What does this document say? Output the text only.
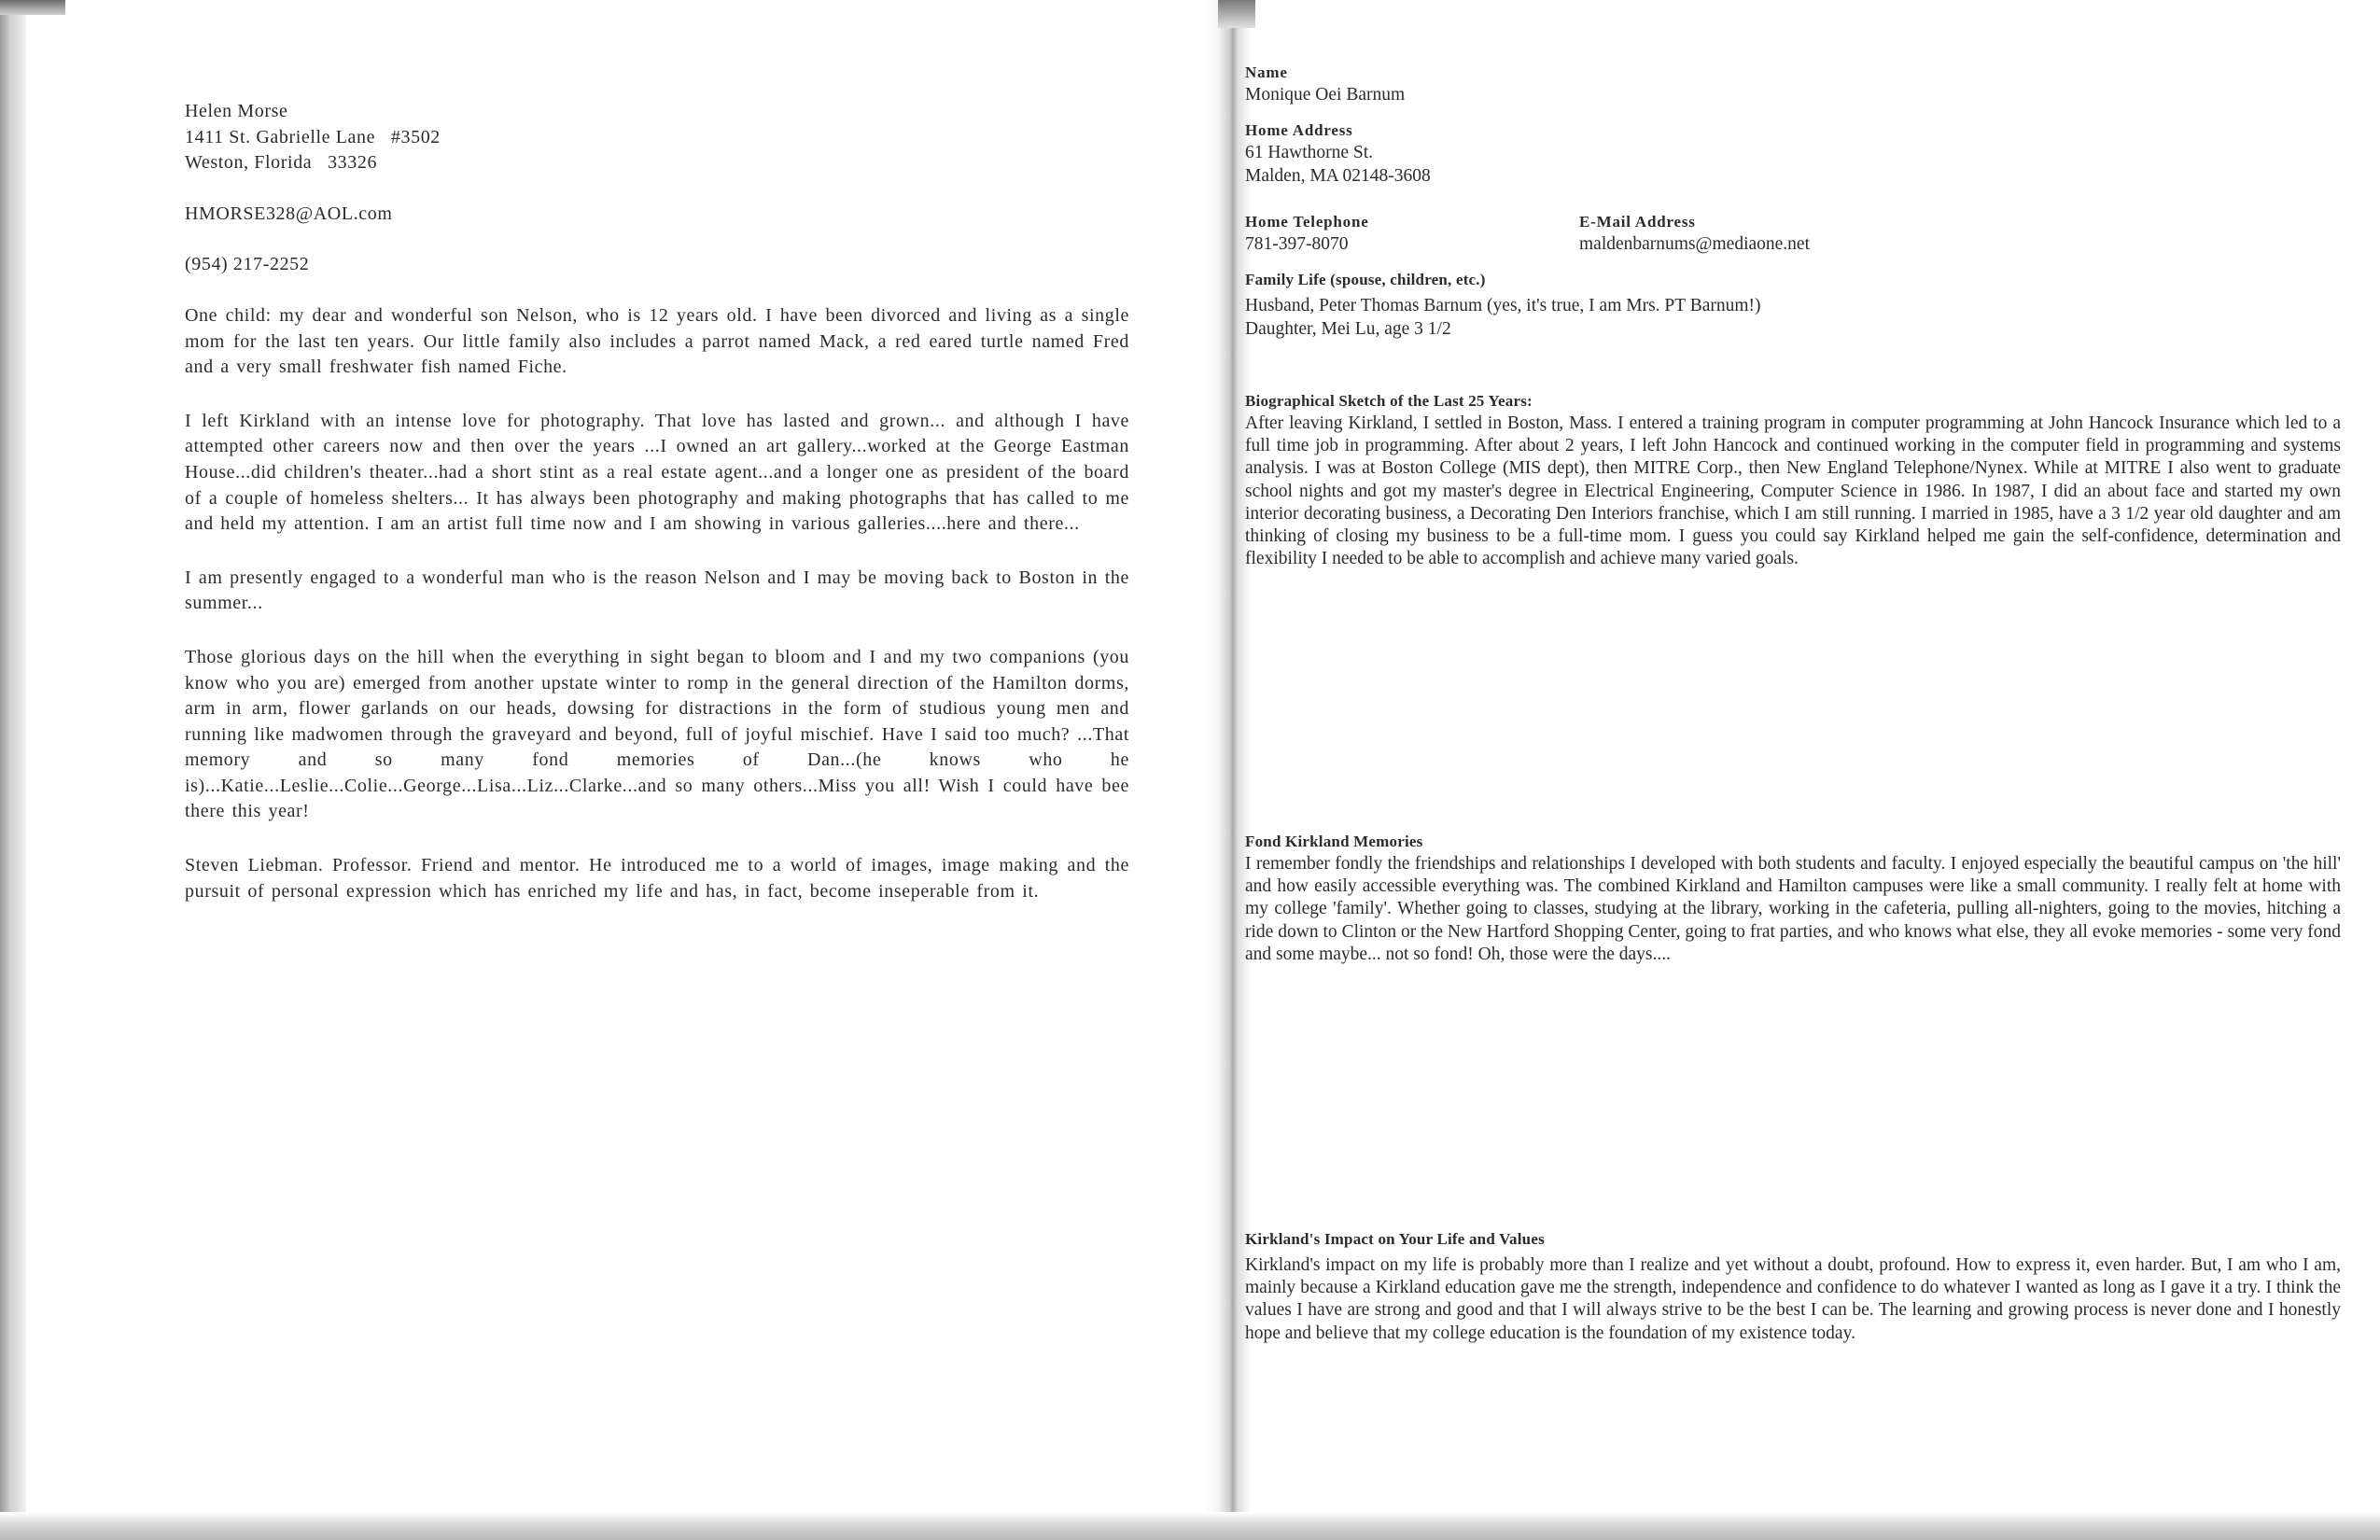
Helen Morse
1411 St. Gabrielle Lane   #3502
Weston, Florida   33326
HMORSE328@AOL.com
(954) 217-2252

One child: my dear and wonderful son Nelson, who is 12 years old. I have been divorced and living as a single mom for the last ten years. Our little family also includes a parrot named Mack, a red eared turtle named Fred and a very small freshwater fish named Fiche.

I left Kirkland with an intense love for photography. That love has lasted and grown... and although I have attempted other careers now and then over the years ...I owned an art gallery...worked at the George Eastman House...did children's theater...had a short stint as a real estate agent...and a longer one as president of the board of a couple of homeless shelters... It has always been photography and making photographs that has called to me and held my attention. I am an artist full time now and I am showing in various galleries....here and there...

I am presently engaged to a wonderful man who is the reason Nelson and I may be moving back to Boston in the summer...

Those glorious days on the hill when the everything in sight began to bloom and I and my two companions (you know who you are) emerged from another upstate winter to romp in the general direction of the Hamilton dorms, arm in arm, flower garlands on our heads, dowsing for distractions in the form of studious young men and running like madwomen through the graveyard and beyond, full of joyful mischief. Have I said too much? ...That memory and so many fond memories of Dan...(he knows who he is)...Katie...Leslie...Colie...George...Lisa...Liz...Clarke...and so many others...Miss you all! Wish I could have bee there this year!

Steven Liebman. Professor. Friend and mentor. He introduced me to a world of images, image making and the pursuit of personal expression which has enriched my life and has, in fact, become inseperable from it.

Name
Monique Oei Barnum
Home Address
61 Hawthorne St.
Malden, MA 02148-3608
Home Telephone
781-397-8070
E-Mail Address
maldenbarnums@mediaone.net
Family Life (spouse, children, etc.)
Husband, Peter Thomas Barnum (yes, it's true, I am Mrs. PT Barnum!)
Daughter, Mei Lu, age 3 1/2
Biographical Sketch of the Last 25 Years:

After leaving Kirkland, I settled in Boston, Mass. I entered a training program in computer programming at John Hancock Insurance which led to a full time job in programming. After about 2 years, I left John Hancock and continued working in the computer field in programming and systems analysis. I was at Boston College (MIS dept), then MITRE Corp., then New England Telephone/Nynex. While at MITRE I also went to graduate school nights and got my master's degree in Electrical Engineering, Computer Science in 1986. In 1987, I did an about face and started my own interior decorating business, a Decorating Den Interiors franchise, which I am still running. I married in 1985, have a 3 1/2 year old daughter and am thinking of closing my business to be a full-time mom. I guess you could say Kirkland helped me gain the self-confidence, determination and flexibility I needed to be able to accomplish and achieve many varied goals.

Fond Kirkland Memories

I remember fondly the friendships and relationships I developed with both students and faculty. I enjoyed especially the beautiful campus on 'the hill' and how easily accessible everything was. The combined Kirkland and Hamilton campuses were like a small community. I really felt at home with my college 'family'. Whether going to classes, studying at the library, working in the cafeteria, pulling all-nighters, going to the movies, hitching a ride down to Clinton or the New Hartford Shopping Center, going to frat parties, and who knows what else, they all evoke memories - some very fond and some maybe... not so fond! Oh, those were the days....

Kirkland's Impact on Your Life and Values

Kirkland's impact on my life is probably more than I realize and yet without a doubt, profound. How to express it, even harder. But, I am who I am, mainly because a Kirkland education gave me the strength, independence and confidence to do whatever I wanted as long as I gave it a try. I think the values I have are strong and good and that I will always strive to be the best I can be. The learning and growing process is never done and I honestly hope and believe that my college education is the foundation of my existence today.
